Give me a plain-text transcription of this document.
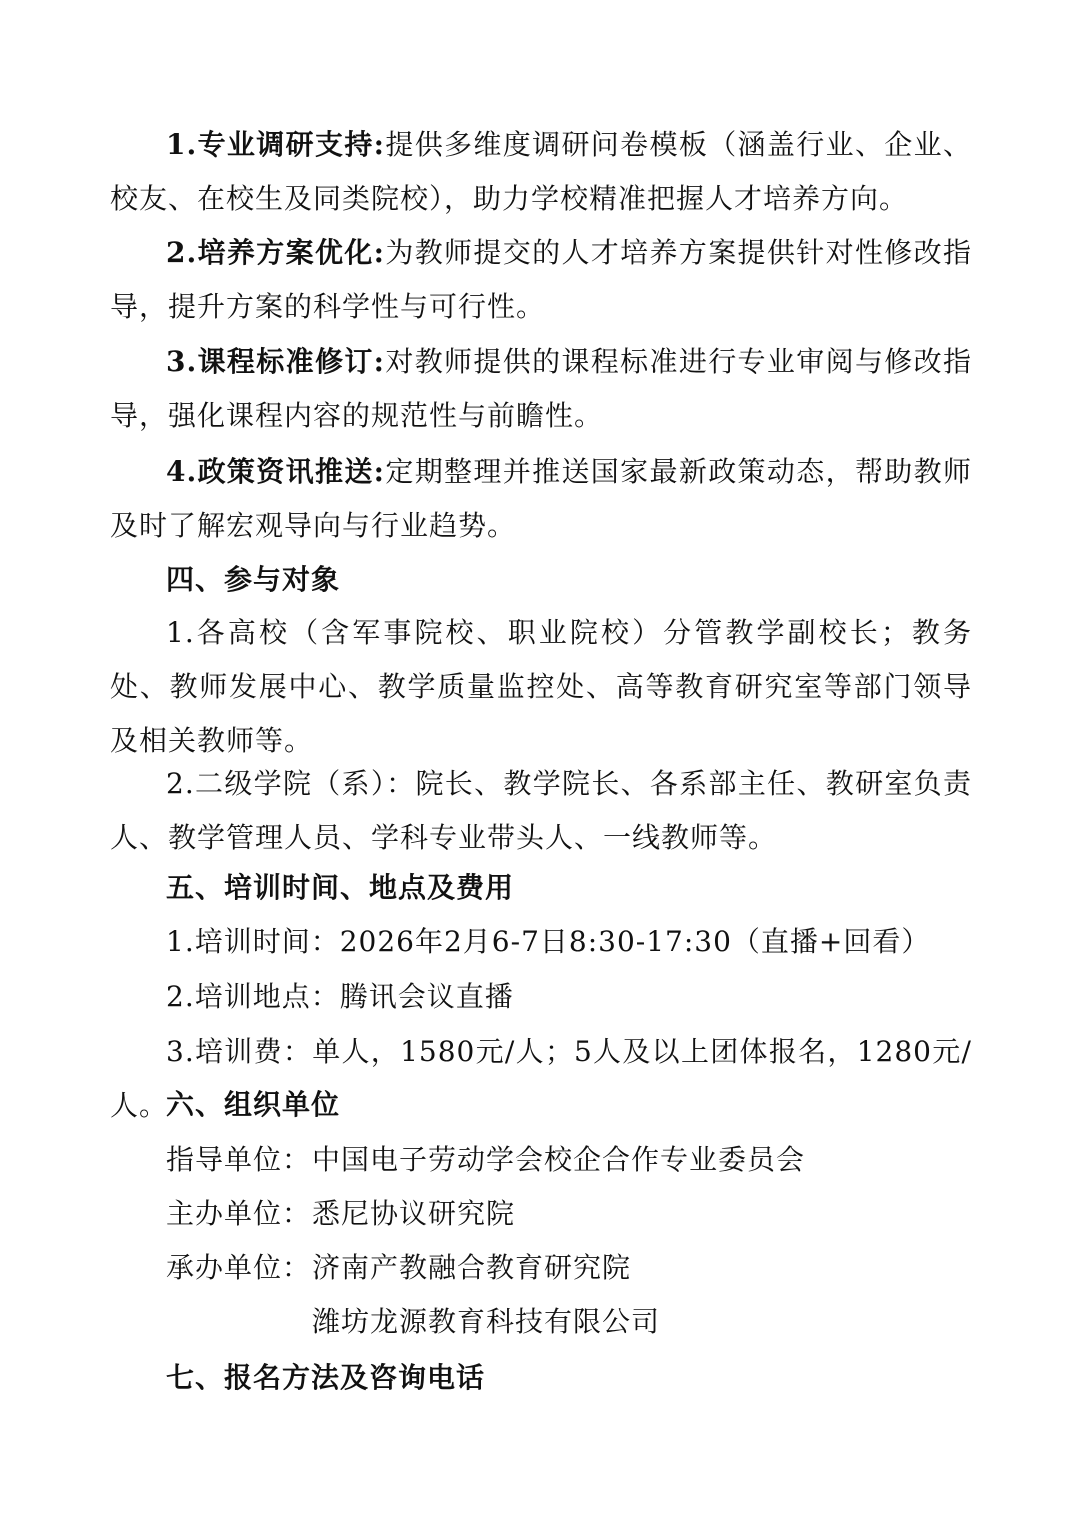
1.专业调研支持:提供多维度调研问卷模板（涵盖行业、企业、校友、在校生及同类院校），助力学校精准把握人才培养方向。

2.培养方案优化:为教师提交的人才培养方案提供针对性修改指导，提升方案的科学性与可行性。

3.课程标准修订:对教师提供的课程标准进行专业审阅与修改指导，强化课程内容的规范性与前瞻性。

4.政策资讯推送:定期整理并推送国家最新政策动态，帮助教师及时了解宏观导向与行业趋势。

四、参与对象

1.各高校（含军事院校、职业院校）分管教学副校长；教务处、教师发展中心、教学质量监控处、高等教育研究室等部门领导及相关教师等。

2.二级学院（系）：院长、教学院长、各系部主任、教研室负责人、教学管理人员、学科专业带头人、一线教师等。

五、培训时间、地点及费用

1.培训时间：2026年2月6-7日8:30-17:30（直播+回看）

2.培训地点：腾讯会议直播

3.培训费：单人，1580元/人；5人及以上团体报名，1280元/人。

六、组织单位
指导单位：中国电子劳动学会校企合作专业委员会
主办单位：悉尼协议研究院
承办单位：济南产教融合教育研究院
潍坊龙源教育科技有限公司
七、报名方法及咨询电话
